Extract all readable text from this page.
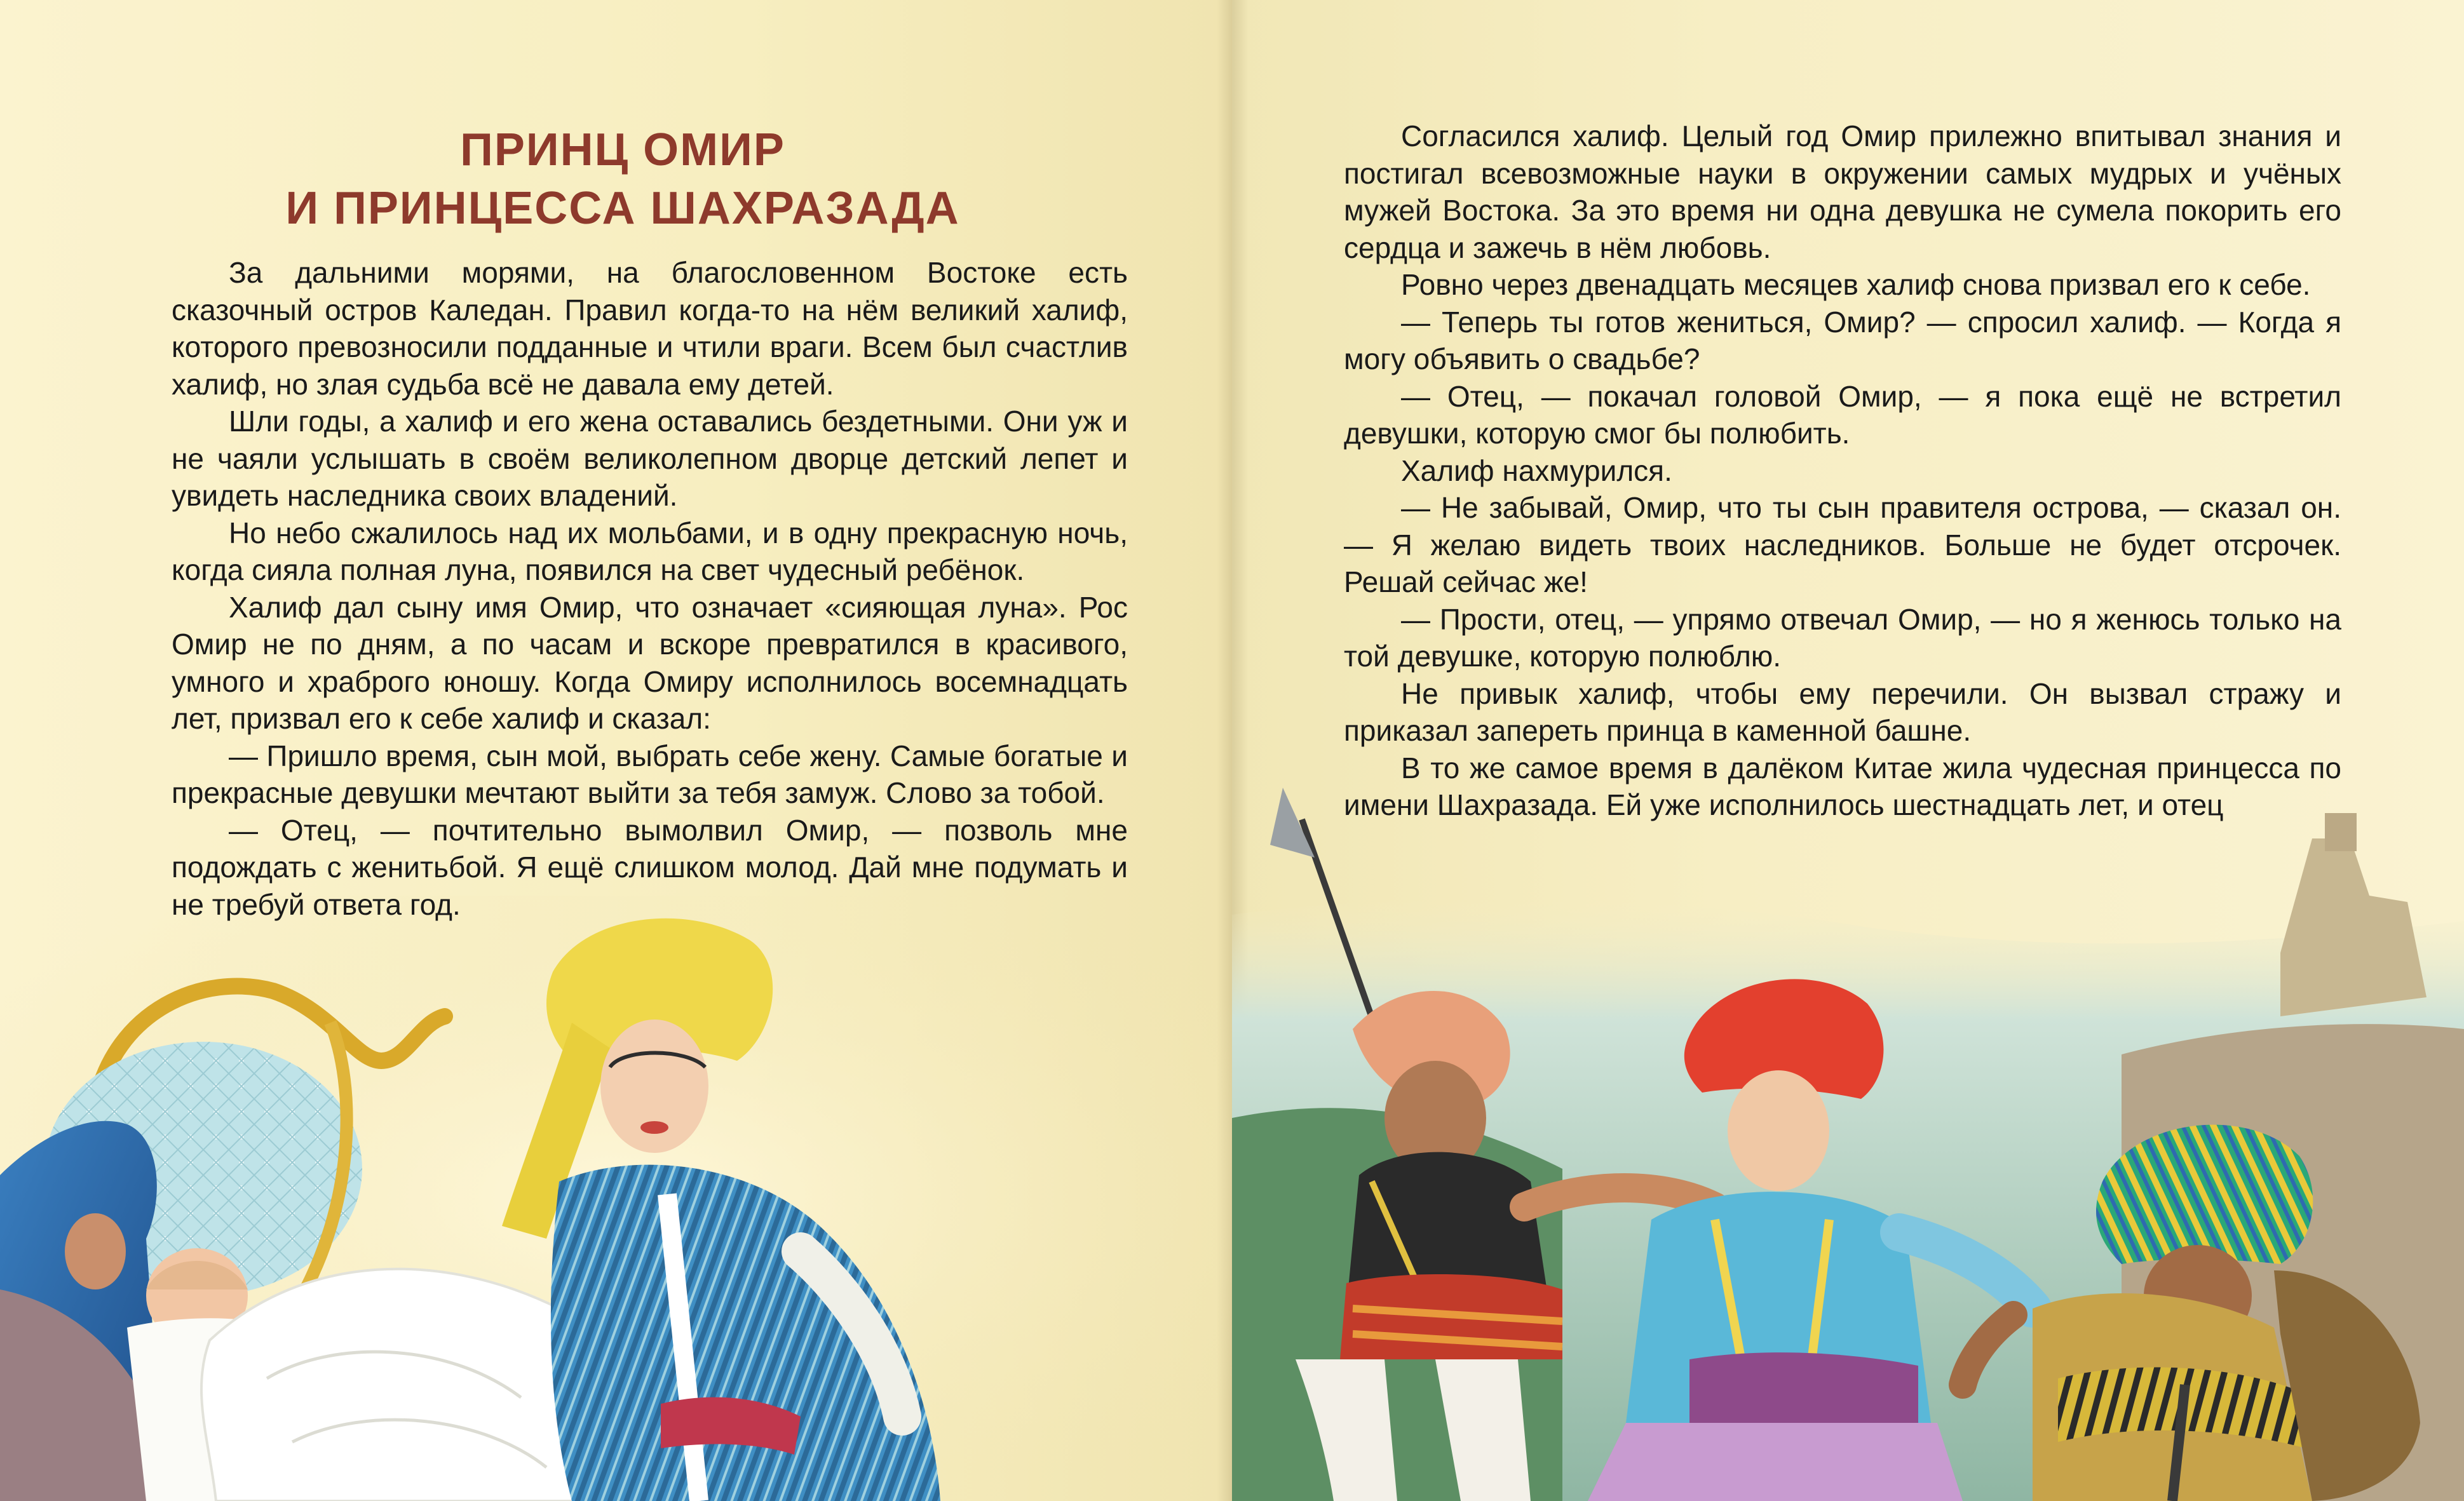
ПРИНЦ ОМИР
И ПРИНЦЕССА ШАХРАЗАДА

За дальними морями, на благословенном Востоке есть сказочный остров Каледан. Правил когда-то на нём великий халиф, которого превозносили подданные и чтили враги. Всем был счастлив халиф, но злая судьба всё не давала ему детей.

Шли годы, а халиф и его жена оставались бездетными. Они уж и не чаяли услышать в своём великолепном дворце детский лепет и увидеть наследника своих владений.

Но небо сжалилось над их мольбами, и в одну прекрасную ночь, когда сияла полная луна, появился на свет чудесный ребёнок.

Халиф дал сыну имя Омир, что означает «сияющая луна». Рос Омир не по дням, а по часам и вскоре превратился в красивого, умного и храброго юношу. Когда Омиру исполнилось восемнадцать лет, призвал его к себе халиф и сказал:

— Пришло время, сын мой, выбрать себе жену. Самые богатые и прекрасные девушки мечтают выйти за тебя замуж. Слово за тобой.

— Отец, — почтительно вымолвил Омир, — позволь мне подождать с женитьбой. Я ещё слишком молод. Дай мне подумать и не требуй ответа год.

Согласился халиф. Целый год Омир прилежно впитывал знания и постигал всевозможные науки в окружении самых мудрых и учёных мужей Востока. За это время ни одна девушка не сумела покорить его сердца и зажечь в нём любовь.

Ровно через двенадцать месяцев халиф снова призвал его к себе.

— Теперь ты готов жениться, Омир? — спросил халиф. — Когда я могу объявить о свадьбе?

— Отец, — покачал головой Омир, — я пока ещё не встретил девушки, которую смог бы полюбить.

Халиф нахмурился.

— Не забывай, Омир, что ты сын правителя острова, — сказал он. — Я желаю видеть твоих наследников. Больше не будет отсрочек. Решай сейчас же!

— Прости, отец, — упрямо отвечал Омир, — но я женюсь только на той девушке, которую полюблю.

Не привык халиф, чтобы ему перечили. Он вызвал стражу и приказал запереть принца в каменной башне.

В то же самое время в далёком Китае жила чудесная принцесса по имени Шахразада. Ей уже исполнилось шестнадцать лет, и отец
